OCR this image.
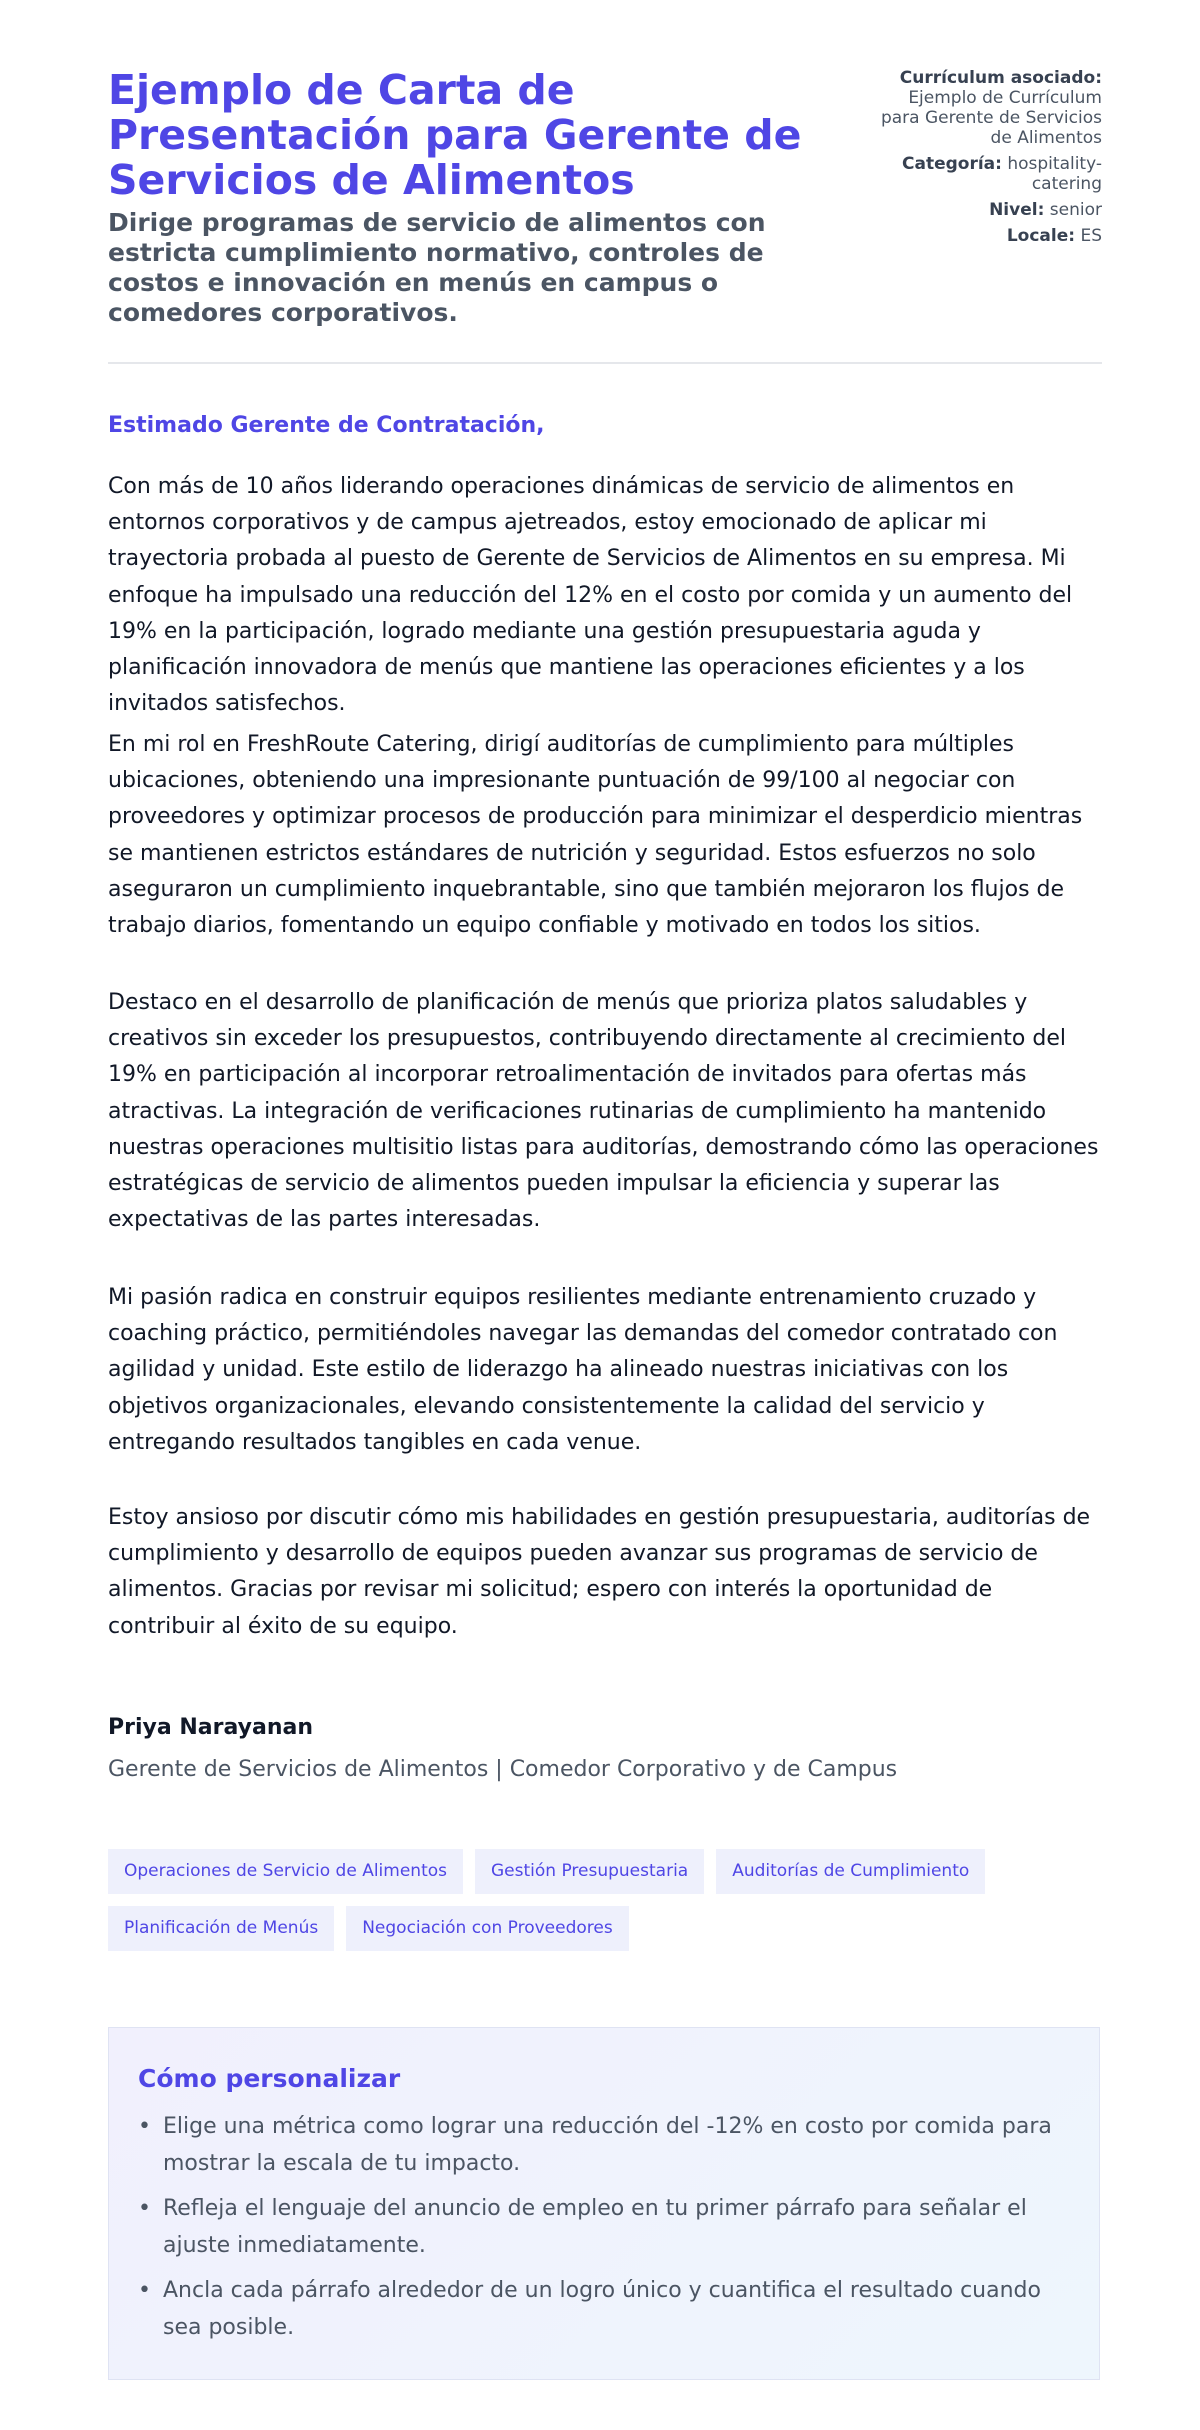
Ejemplo de Carta de Presentación para Gerente de Servicios de Alimentos
Dirige programas de servicio de alimentos con estricta cumplimiento normativo, controles de costos e innovación en menús en campus o comedores corporativos.
Currículum asociado: Ejemplo de Currículum para Gerente de Servicios de Alimentos
Categoría: hospitality-catering
Nivel: senior
Locale: ES

Estimado Gerente de Contratación,

Con más de 10 años liderando operaciones dinámicas de servicio de alimentos en entornos corporativos y de campus ajetreados, estoy emocionado de aplicar mi trayectoria probada al puesto de Gerente de Servicios de Alimentos en su empresa. Mi enfoque ha impulsado una reducción del 12% en el costo por comida y un aumento del 19% en la participación, logrado mediante una gestión presupuestaria aguda y planificación innovadora de menús que mantiene las operaciones eficientes y a los invitados satisfechos.

En mi rol en FreshRoute Catering, dirigí auditorías de cumplimiento para múltiples ubicaciones, obteniendo una impresionante puntuación de 99/100 al negociar con proveedores y optimizar procesos de producción para minimizar el desperdicio mientras se mantienen estrictos estándares de nutrición y seguridad. Estos esfuerzos no solo aseguraron un cumplimiento inquebrantable, sino que también mejoraron los flujos de trabajo diarios, fomentando un equipo confiable y motivado en todos los sitios.

Destaco en el desarrollo de planificación de menús que prioriza platos saludables y creativos sin exceder los presupuestos, contribuyendo directamente al crecimiento del 19% en participación al incorporar retroalimentación de invitados para ofertas más atractivas. La integración de verificaciones rutinarias de cumplimiento ha mantenido nuestras operaciones multisitio listas para auditorías, demostrando cómo las operaciones estratégicas de servicio de alimentos pueden impulsar la eficiencia y superar las expectativas de las partes interesadas.

Mi pasión radica en construir equipos resilientes mediante entrenamiento cruzado y coaching práctico, permitiéndoles navegar las demandas del comedor contratado con agilidad y unidad. Este estilo de liderazgo ha alineado nuestras iniciativas con los objetivos organizacionales, elevando consistentemente la calidad del servicio y entregando resultados tangibles en cada venue.

Estoy ansioso por discutir cómo mis habilidades en gestión presupuestaria, auditorías de cumplimiento y desarrollo de equipos pueden avanzar sus programas de servicio de alimentos. Gracias por revisar mi solicitud; espero con interés la oportunidad de contribuir al éxito de su equipo.

Priya Narayanan

Gerente de Servicios de Alimentos | Comedor Corporativo y de Campus

Operaciones de Servicio de Alimentos	Gestión Presupuestaria	Auditorías de Cumplimiento
Planificación de Menús	Negociación con Proveedores
Cómo personalizar
• Elige una métrica como lograr una reducción del -12% en costo por comida para mostrar la escala de tu impacto.
• Refleja el lenguaje del anuncio de empleo en tu primer párrafo para señalar el ajuste inmediatamente.
• Ancla cada párrafo alrededor de un logro único y cuantifica el resultado cuando sea posible.
